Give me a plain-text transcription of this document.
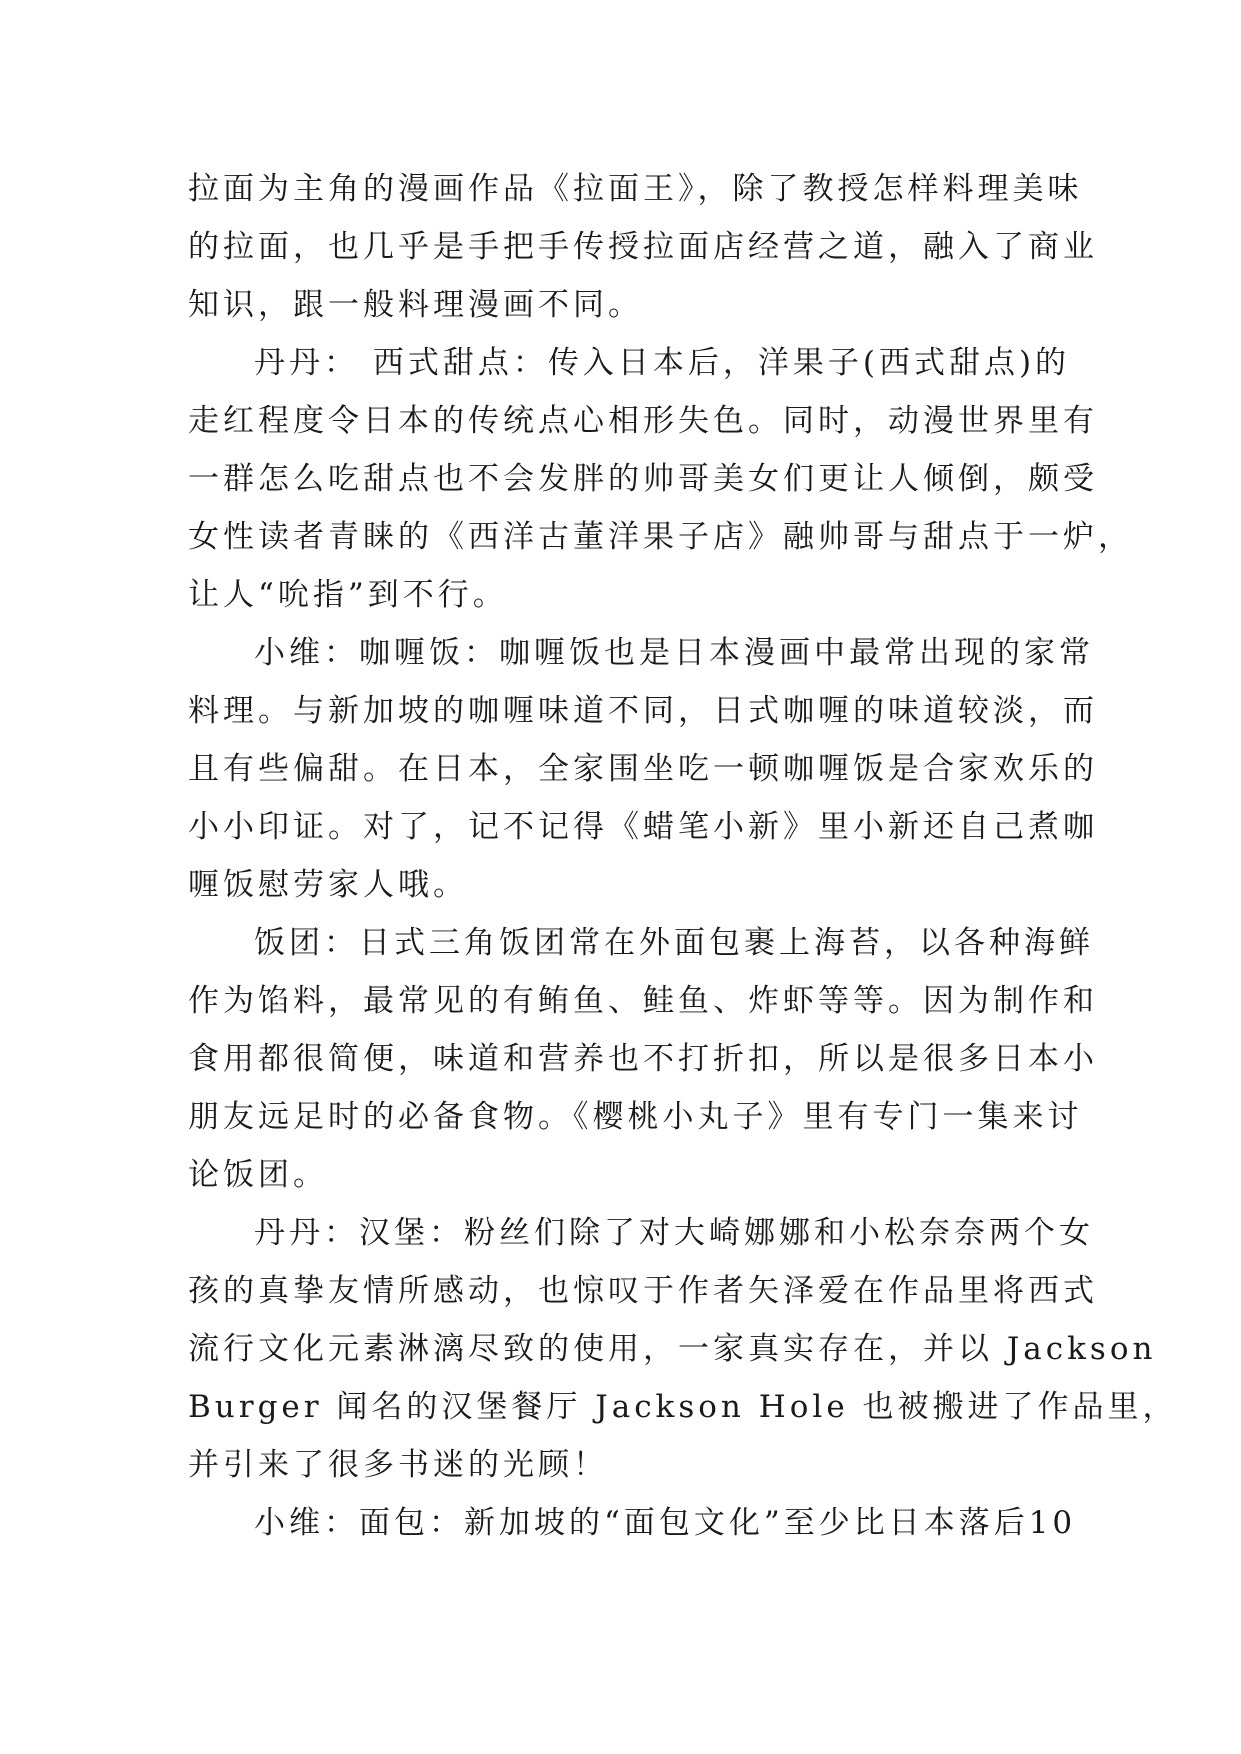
拉面为主角的漫画作品《拉面王》，除了教授怎样料理美味
的拉面，也几乎是手把手传授拉面店经营之道，融入了商业
知识，跟一般料理漫画不同。
丹丹： 西式甜点：传入日本后，洋果子(西式甜点)的
走红程度令日本的传统点心相形失色。同时，动漫世界里有
一群怎么吃甜点也不会发胖的帅哥美女们更让人倾倒，颇受
女性读者青睐的《西洋古董洋果子店》融帅哥与甜点于一炉，
让人“吮指”到不行。
小维：咖喱饭：咖喱饭也是日本漫画中最常出现的家常
料理。与新加坡的咖喱味道不同，日式咖喱的味道较淡，而
且有些偏甜。在日本，全家围坐吃一顿咖喱饭是合家欢乐的
小小印证。对了，记不记得《蜡笔小新》里小新还自己煮咖
喱饭慰劳家人哦。
饭团：日式三角饭团常在外面包裹上海苔，以各种海鲜
作为馅料，最常见的有鲔鱼、鲑鱼、炸虾等等。因为制作和
食用都很简便，味道和营养也不打折扣，所以是很多日本小
朋友远足时的必备食物。《樱桃小丸子》里有专门一集来讨
论饭团。
丹丹：汉堡：粉丝们除了对大崎娜娜和小松奈奈两个女
孩的真挚友情所感动，也惊叹于作者矢泽爱在作品里将西式
流行文化元素淋漓尽致的使用，一家真实存在，并以 Jackson
Burger 闻名的汉堡餐厅 Jackson Hole 也被搬进了作品里，
并引来了很多书迷的光顾！
小维：面包：新加坡的“面包文化”至少比日本落后10
